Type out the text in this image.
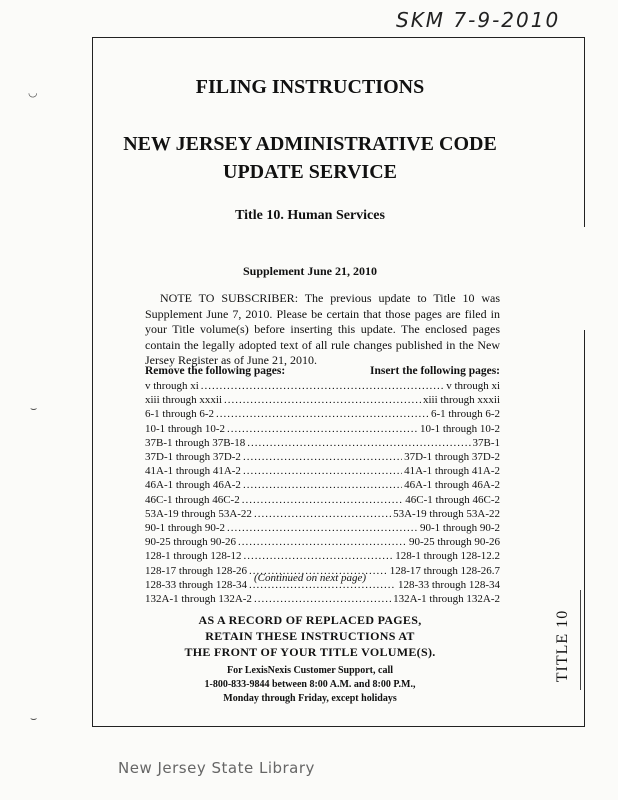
SKM 7-9-2010
◡
⌣
⌣
FILING INSTRUCTIONS
NEW JERSEY ADMINISTRATIVE CODE
UPDATE SERVICE
Title 10. Human Services
Supplement June 21, 2010
NOTE TO SUBSCRIBER: The previous update to Title 10 was Supplement June 7, 2010. Please be certain that those pages are filed in your Title volume(s) before inserting this update. The enclosed pages contain the legally adopted text of all rule changes published in the New Jersey Register as of June 21, 2010.
Remove the following pages:	Insert the following pages:
v through xi .....	v through xi
xiii through xxxii .....	xiii through xxxii
6-1 through 6-2 .....	6-1 through 6-2
10-1 through 10-2 .....	10-1 through 10-2
37B-1 through 37B-18 .....	37B-1
37D-1 through 37D-2 .....	37D-1 through 37D-2
41A-1 through 41A-2 .....	41A-1 through 41A-2
46A-1 through 46A-2 .....	46A-1 through 46A-2
46C-1 through 46C-2 .....	46C-1 through 46C-2
53A-19 through 53A-22 .....	53A-19 through 53A-22
90-1 through 90-2 .....	90-1 through 90-2
90-25 through 90-26 .....	90-25 through 90-26
128-1 through 128-12 .....	128-1 through 128-12.2
128-17 through 128-26 .....	128-17 through 128-26.7
128-33 through 128-34 .....	128-33 through 128-34
132A-1 through 132A-2 .....	132A-1 through 132A-2
(Continued on next page)
AS A RECORD OF REPLACED PAGES,
RETAIN THESE INSTRUCTIONS AT
THE FRONT OF YOUR TITLE VOLUME(S).
For LexisNexis Customer Support, call
1-800-833-9844 between 8:00 A.M. and 8:00 P.M.,
Monday through Friday, except holidays
TITLE 10
New Jersey State Library
